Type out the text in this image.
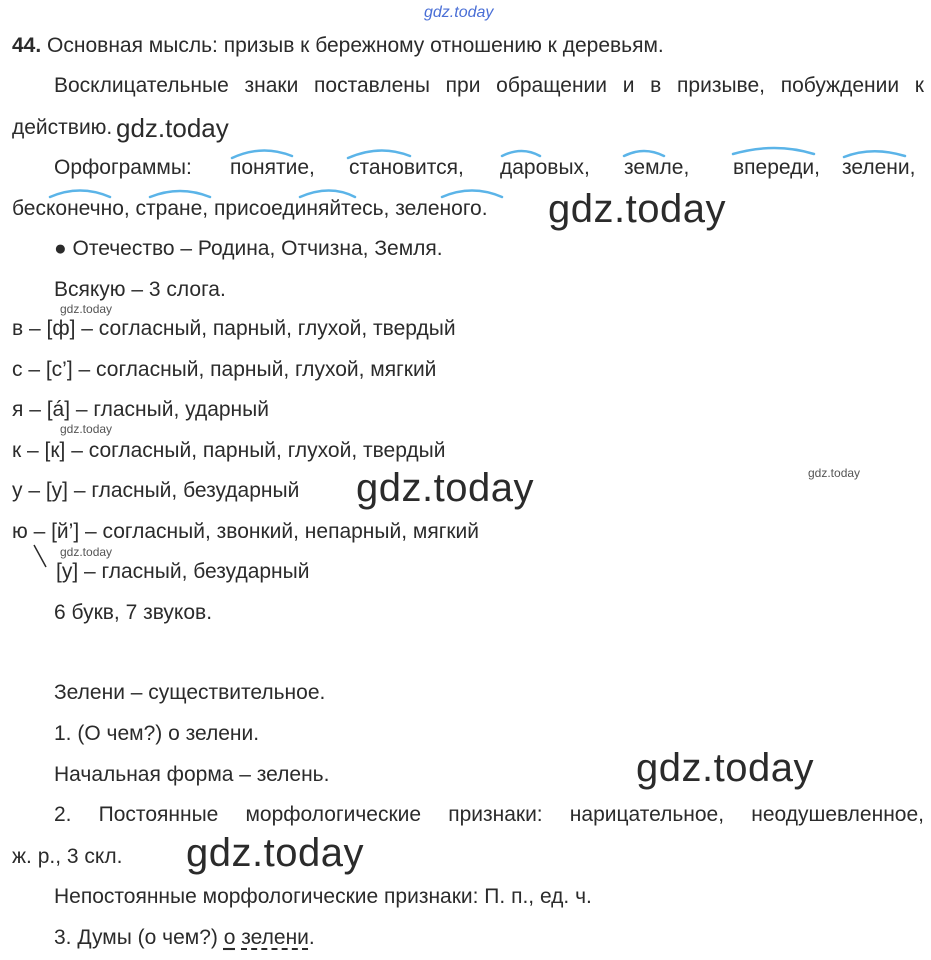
gdz.today
44. Основная мысль: призыв к бережному отношению к деревьям.
Восклицательные знаки поставлены при обращении и в призыве, побуждении к
действию. gdz.today
Орфограммы: понятие, становится, даровых, земле, впереди, зелени,
бесконечно, стране, присоединяйтесь, зеленого. gdz.today
● Отечество – Родина, Отчизна, Земля.
Всякую – 3 слога.
gdz.today
в – [ф] – согласный, парный, глухой, твердый
с – [с’] – согласный, парный, глухой, мягкий
я – [á] – гласный, ударный
gdz.today
к – [к] – согласный, парный, глухой, твердый
gdz.today
у – [у] – гласный, безударный gdz.today
ю – [й’] – согласный, звонкий, непарный, мягкий
gdz.today
[у] – гласный, безударный
6 букв, 7 звуков.
Зелени – существительное.
1. (О чем?) о зелени.
Начальная форма – зелень.	gdz.today
2. Постоянные морфологические признаки: нарицательное, неодушевленное,
ж. р., 3 скл. gdz.today
Непостоянные морфологические признаки: П. п., ед. ч.
3. Думы (о чем?) о зелени.
